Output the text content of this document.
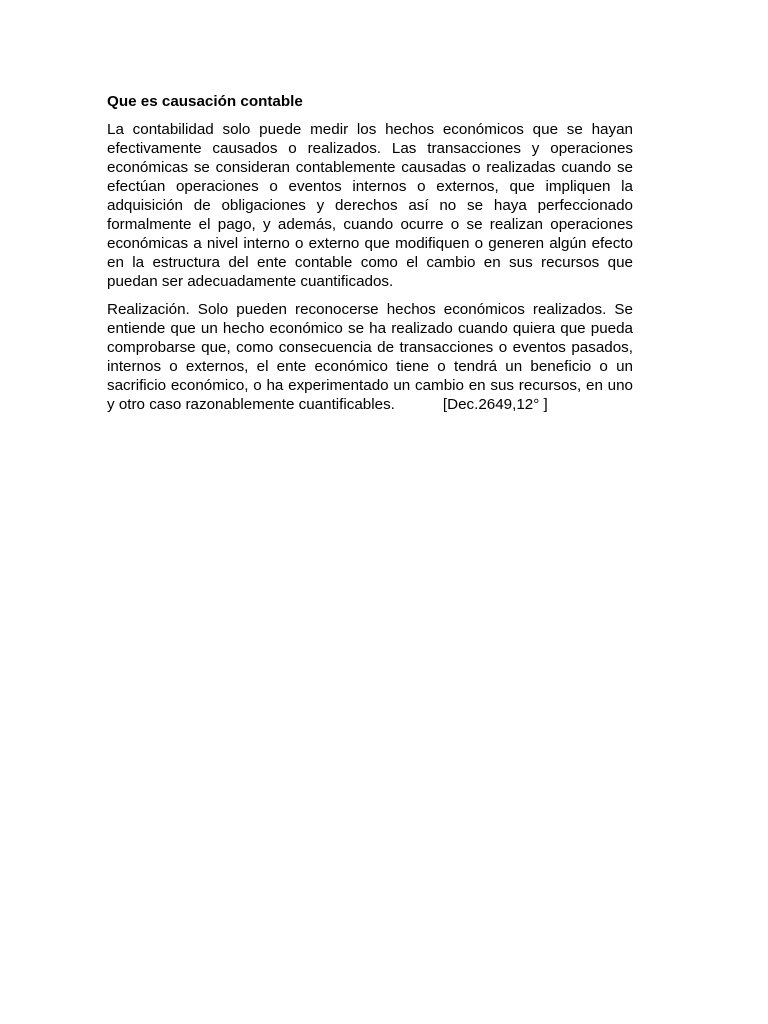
Que es causación contable

La contabilidad solo puede medir los hechos económicos que se hayan efectivamente causados o realizados. Las transacciones y operaciones económicas se consideran contablemente causadas o realizadas cuando se efectúan operaciones o eventos internos o externos, que impliquen la adquisición de obligaciones y derechos así no se haya perfeccionado formalmente el pago, y además, cuando ocurre o se realizan operaciones económicas a nivel interno o externo que modifiquen o generen algún efecto en la estructura del ente contable como el cambio en sus recursos que puedan ser adecuadamente cuantificados.

Realización. Solo pueden reconocerse hechos económicos realizados. Se entiende que un hecho económico se ha realizado cuando quiera que pueda comprobarse que, como consecuencia de transacciones o eventos pasados, internos o externos, el ente económico tiene o tendrá un beneficio o un sacrificio económico, o ha experimentado un cambio en sus recursos, en uno y otro caso razonablemente cuantificables.	[Dec.2649,12° ]
